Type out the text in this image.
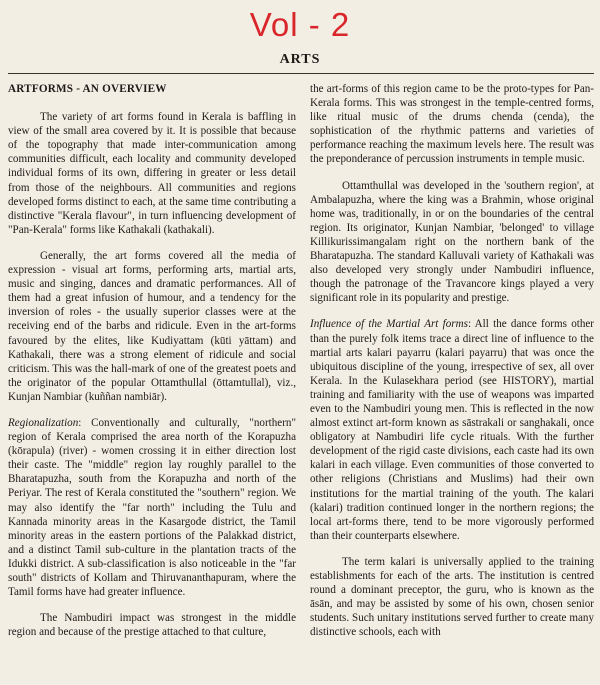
Vol - 2
ARTS
ARTFORMS - AN OVERVIEW

The variety of art forms found in Kerala is baffling in view of the small area covered by it. It is possible that because of the topography that made inter-communication among communities difficult, each locality and community developed individual forms of its own, differing in greater or less detail from those of the neighbours. All communities and regions developed forms distinct to each, at the same time contributing a distinctive "Kerala flavour", in turn influencing development of "Pan-Kerala" forms like Kathakali (kathakali).

Generally, the art forms covered all the media of expression - visual art forms, performing arts, martial arts, music and singing, dances and dramatic performances. All of them had a great infusion of humour, and a tendency for the inversion of roles - the usually superior classes were at the receiving end of the barbs and ridicule. Even in the art-forms favoured by the elites, like Kudiyattam (kūti yāttam) and Kathakali, there was a strong element of ridicule and social criticism. This was the hall-mark of one of the greatest poets and the originator of the popular Ottamthullal (ōttamtullal), viz., Kunjan Nambiar (kuññan nambiār).

Regionalization: Conventionally and culturally, "northern" region of Kerala comprised the area north of the Korapuzha (kōrapula) (river) - women crossing it in either direction lost their caste. The "middle" region lay roughly parallel to the Bharatapuzha, south from the Korapuzha and north of the Periyar. The rest of Kerala constituted the "southern" region. We may also identify the "far north" including the Tulu and Kannada minority areas in the Kasargode district, the Tamil minority areas in the eastern portions of the Palakkad district, and a distinct Tamil sub-culture in the plantation tracts of the Idukki district. A sub-classification is also noticeable in the "far south" districts of Kollam and Thiruvananthapuram, where the Tamil forms have had greater influence.

The Nambudiri impact was strongest in the middle region and because of the prestige attached to that culture,

the art-forms of this region came to be the proto-types for Pan-Kerala forms. This was strongest in the temple-centred forms, like ritual music of the drums chenda (cenda), the sophistication of the rhythmic patterns and varieties of performance reaching the maximum levels here. The result was the preponderance of percussion instruments in temple music.

Ottamthullal was developed in the 'southern region', at Ambalapuzha, where the king was a Brahmin, whose original home was, traditionally, in or on the boundaries of the central region. Its originator, Kunjan Nambiar, 'belonged' to village Killikurissimangalam right on the northern bank of the Bharatapuzha. The standard Kalluvali variety of Kathakali was also developed very strongly under Nambudiri influence, though the patronage of the Travancore kings played a very significant role in its popularity and prestige.

Influence of the Martial Art forms: All the dance forms other than the purely folk items trace a direct line of influence to the martial arts kalari payarru (kalari payarru) that was once the ubiquitous discipline of the young, irrespective of sex, all over Kerala. In the Kulasekhara period (see HISTORY), martial training and familiarity with the use of weapons was imparted even to the Nambudiri young men. This is reflected in the now almost extinct art-form known as sāstrakali or sanghakali, once obligatory at Nambudiri life cycle rituals. With the further development of the rigid caste divisions, each caste had its own kalari in each village. Even communities of those converted to other religions (Christians and Muslims) had their own institutions for the martial training of the youth. The kalari (kalari) tradition continued longer in the northern regions; the local art-forms there, tend to be more vigorously performed than their counterparts elsewhere.

The term kalari is universally applied to the training establishments for each of the arts. The institution is centred round a dominant preceptor, the guru, who is known as the āsān, and may be assisted by some of his own, chosen senior students. Such unitary institutions served further to create many distinctive schools, each with
